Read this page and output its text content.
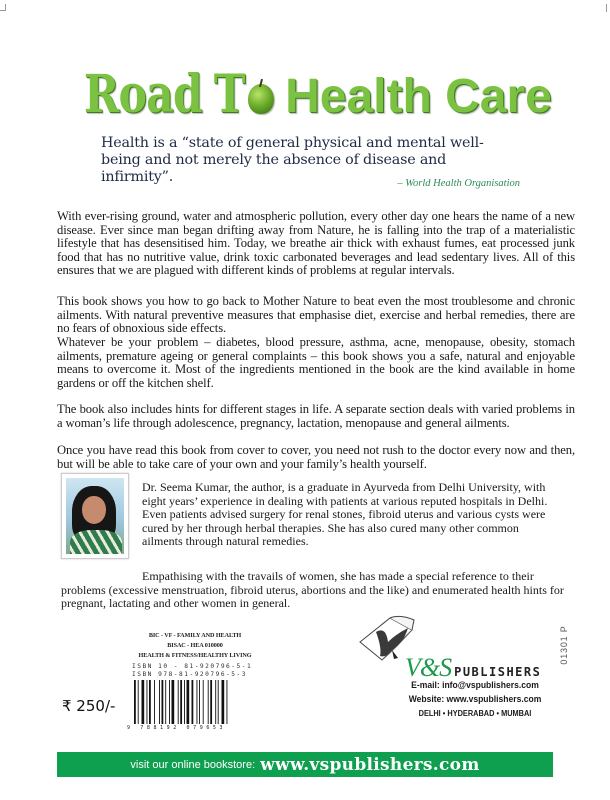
Road T Health Care
Health is a “state of general physical and mental well-being and not merely the absence of disease and infirmity”.	– World Health Organisation
With ever-rising ground, water and atmospheric pollution, every other day one hears the name of a new disease. Ever since man began drifting away from Nature, he is falling into the trap of a materialistic lifestyle that has desensitised him. Today, we breathe air thick with exhaust fumes, eat processed junk food that has no nutritive value, drink toxic carbonated beverages and lead sedentary lives. All of this ensures that we are plagued with different kinds of problems at regular intervals.
This book shows you how to go back to Mother Nature to beat even the most troublesome and chronic ailments. With natural preventive measures that emphasise diet, exercise and herbal remedies, there are no fears of obnoxious side effects.
Whatever be your problem – diabetes, blood pressure, asthma, acne, menopause, obesity, stomach ailments, premature ageing or general complaints – this book shows you a safe, natural and enjoyable means to overcome it. Most of the ingredients mentioned in the book are the kind available in home gardens or off the kitchen shelf.
The book also includes hints for different stages in life. A separate section deals with varied problems in a woman’s life through adolescence, pregnancy, lactation, menopause and general ailments.
Once you have read this book from cover to cover, you need not rush to the doctor every now and then, but will be able to take care of your own and your family’s health yourself.
Dr. Seema Kumar, the author, is a graduate in Ayurveda from Delhi University, with eight years’ experience in dealing with patients at various reputed hospitals in Delhi. Even patients advised surgery for renal stones, fibroid uterus and various cysts were cured by her through herbal therapies. She has also cured many other common ailments through natural remedies.
Empathising with the travails of women, she has made a special reference to their problems (excessive menstruation, fibroid uterus, abortions and the like) and enumerated health hints for pregnant, lactating and other women in general.
BIC - VF - FAMILY AND HEALTH
BISAC - HEA 010000
HEALTH & FITNESS/HEALTHY LIVING
ISBN 10 - 81-920796-5-1
ISBN 978-81-920796-5-3
9 788192 079653
₹ 250/-
V&S PUBLISHERS
E-mail: info@vspublishers.com
Website: www.vspublishers.com
DELHI • HYDERABAD • MUMBAI
01301 P
visit our online bookstore: www.vspublishers.com
